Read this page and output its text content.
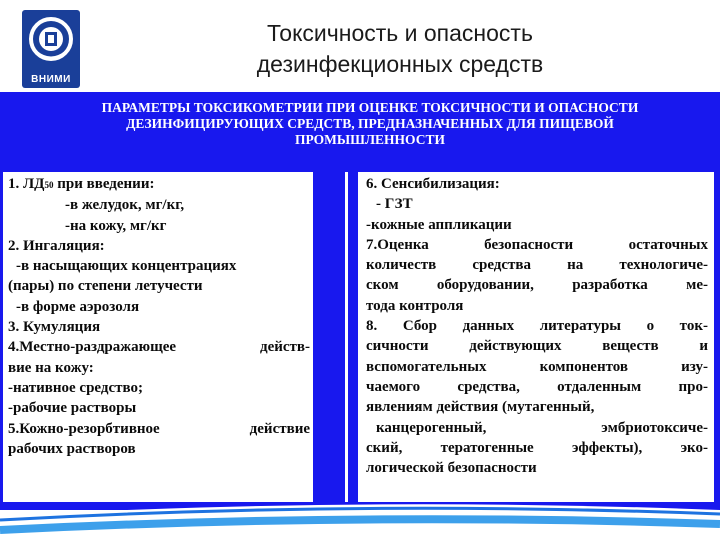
ВНИМИ
Токсичность и опасность
дезинфекционных средств
ПАРАМЕТРЫ ТОКСИКОМЕТРИИ ПРИ ОЦЕНКЕ ТОКСИЧНОСТИ И ОПАСНОСТИ
ДЕЗИНФИЦИРУЮЩИХ СРЕДСТВ, ПРЕДНАЗНАЧЕННЫХ ДЛЯ ПИЩЕВОЙ
ПРОМЫШЛЕННОСТИ
1. ЛД50 при введении:
-в желудок, мг/кг,
-на кожу, мг/кг
2. Ингаляция:
-в насыщающих концентрациях
(пары) по степени летучести
-в форме аэрозоля
3. Кумуляция
4.Местно-раздражающее действ-
вие на кожу:
-нативное средство;
-рабочие растворы
5.Кожно-резорбтивное действие
рабочих растворов
6. Сенсибилизация:
- ГЗТ
-кожные аппликации
7.Оценка безопасности остаточных
количеств средства на технологиче-
ском оборудовании, разработка ме-
тода контроля
8. Сбор данных литературы о ток-
сичности действующих веществ и
вспомогательных компонентов изу-
чаемого средства, отдаленным про-
явлениям действия (мутагенный,
канцерогенный, эмбриотоксиче-
ский, тератогенные эффекты), эко-
логической безопасности
